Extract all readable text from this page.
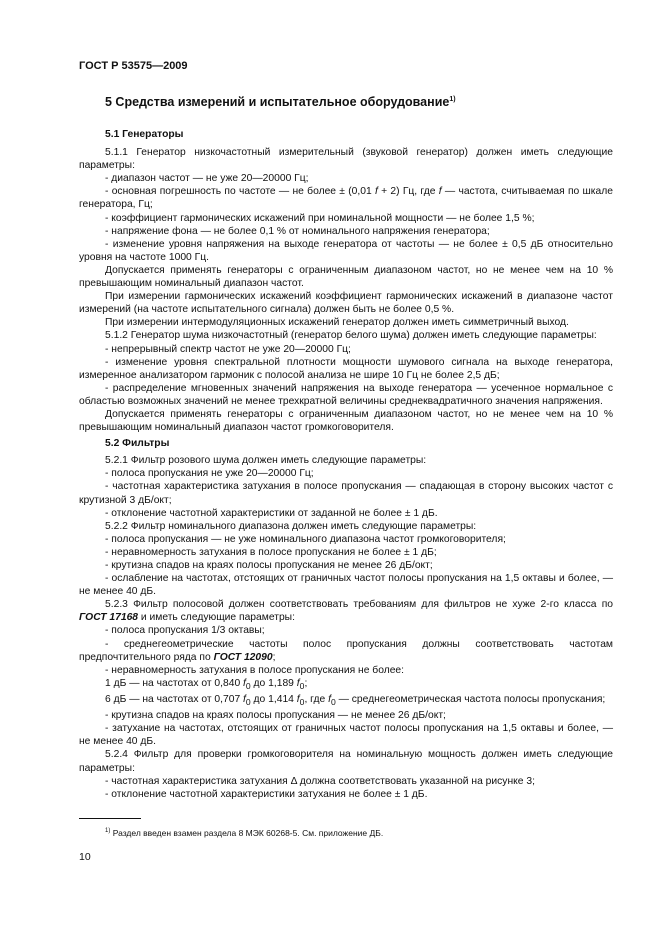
ГОСТ Р 53575—2009
5 Средства измерений и испытательное оборудование$^{1)}$

5.1 Генераторы

5.1.1 Генератор низкочастотный измерительный (звуковой генератор) должен иметь следующие параметры:

- диапазон частот — не уже 20—20000 Гц;

- основная погрешность по частоте — не более ± (0,01 f + 2) Гц, где f — частота, считываемая по шкале генератора, Гц;

- коэффициент гармонических искажений при номинальной мощности — не более 1,5 %;

- напряжение фона — не более 0,1 % от номинального напряжения генератора;

- изменение уровня напряжения на выходе генератора от частоты — не более ± 0,5 дБ относительно уровня на частоте 1000 Гц.

Допускается применять генераторы с ограниченным диапазоном частот, но не менее чем на 10 % превышающим номинальный диапазон частот.

При измерении гармонических искажений коэффициент гармонических искажений в диапазоне частот измерений (на частоте испытательного сигнала) должен быть не более 0,5 %.

При измерении интермодуляционных искажений генератор должен иметь симметричный выход.

5.1.2 Генератор шума низкочастотный (генератор белого шума) должен иметь следующие параметры:

- непрерывный спектр частот не уже 20—20000 Гц;

- изменение уровня спектральной плотности мощности шумового сигнала на выходе генератора, измеренное анализатором гармоник с полосой анализа не шире 10 Гц не более 2,5 дБ;

- распределение мгновенных значений напряжения на выходе генератора — усеченное нормальное с областью возможных значений не менее трехкратной величины среднеквадратичного значения напряжения.

Допускается применять генераторы с ограниченным диапазоном частот, но не менее чем на 10 % превышающим номинальный диапазон частот громкоговорителя.

5.2 Фильтры

5.2.1 Фильтр розового шума должен иметь следующие параметры:

- полоса пропускания не уже 20—20000 Гц;

- частотная характеристика затухания в полосе пропускания — спадающая в сторону высоких частот с крутизной 3 дБ/окт;

- отклонение частотной характеристики от заданной не более ± 1 дБ.

5.2.2 Фильтр номинального диапазона должен иметь следующие параметры:

- полоса пропускания — не уже номинального диапазона частот громкоговорителя;

- неравномерность затухания в полосе пропускания не более ± 1 дБ;

- крутизна спадов на краях полосы пропускания не менее 26 дБ/окт;

- ослабление на частотах, отстоящих от граничных частот полосы пропускания на 1,5 октавы и более, — не менее 40 дБ.

5.2.3 Фильтр полосовой должен соответствовать требованиям для фильтров не хуже 2-го класса по ГОСТ 17168 и иметь следующие параметры:

- полоса пропускания 1/3 октавы;

- среднегеометрические частоты полос пропускания должны соответствовать частотам предпочтительного ряда по ГОСТ 12090;

- неравномерность затухания в полосе пропускания не более:

1 дБ — на частотах от 0,840 $f_0$ до 1,189 $f_0$;

6 дБ — на частотах от 0,707 $f_0$ до 1,414 $f_0$, где $f_0$ — среднегеометрическая частота полосы пропускания;

- крутизна спадов на краях полосы пропускания — не менее 26 дБ/окт;

- затухание на частотах, отстоящих от граничных частот полосы пропускания на 1,5 октавы и более, — не менее 40 дБ.

5.2.4 Фильтр для проверки громкоговорителя на номинальную мощность должен иметь следующие параметры:

- частотная характеристика затухания Δ должна соответствовать указанной на рисунке 3;

- отклонение частотной характеристики затухания не более ± 1 дБ.

$^{1)}$ Раздел введен взамен раздела 8 МЭК 60268-5. См. приложение ДБ.
10
